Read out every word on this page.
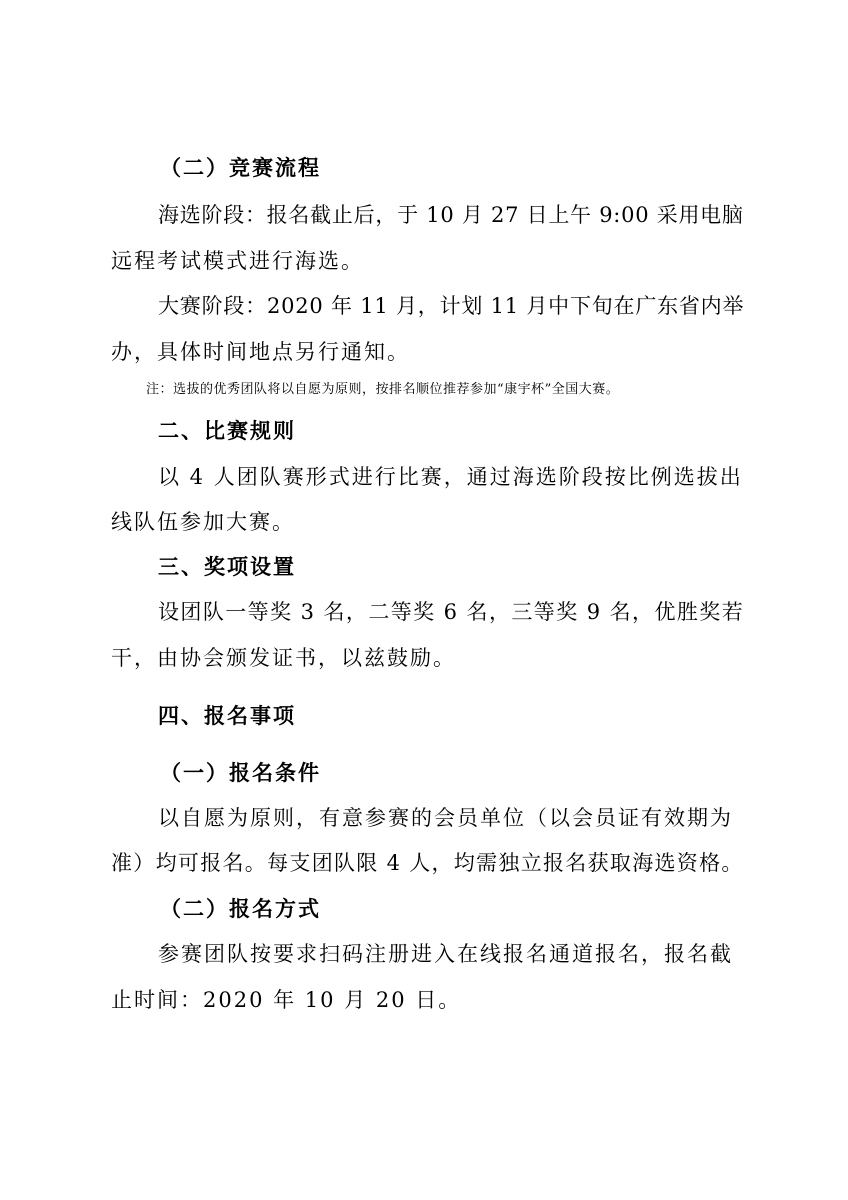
（二）竞赛流程
海选阶段：报名截止后，于 10 月 27 日上午 9:00 采用电脑
远程考试模式进行海选。
大赛阶段：2020 年 11 月，计划 11 月中下旬在广东省内举
办，具体时间地点另行通知。
注：选拔的优秀团队将以自愿为原则，按排名顺位推荐参加“康宇杯”全国大赛。
二、比赛规则
以 4 人团队赛形式进行比赛，通过海选阶段按比例选拔出
线队伍参加大赛。
三、奖项设置
设团队一等奖 3 名，二等奖 6 名，三等奖 9 名，优胜奖若
干，由协会颁发证书，以兹鼓励。
四、报名事项
（一）报名条件
以自愿为原则，有意参赛的会员单位（以会员证有效期为
准）均可报名。每支团队限 4 人，均需独立报名获取海选资格。
（二）报名方式
参赛团队按要求扫码注册进入在线报名通道报名，报名截
止时间：2020 年 10 月 20 日。
